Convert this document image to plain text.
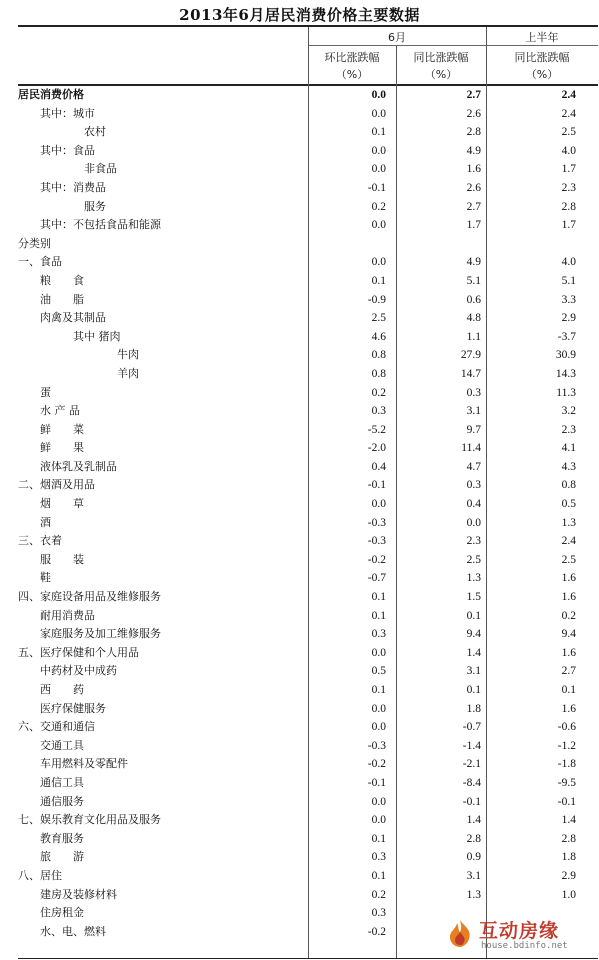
2013年6月居民消费价格主要数据
6月	上半年
环比涨跌幅	同比涨跌幅	同比涨跌幅
（%）	（%）	（%）
居民消费价格	0.0	2.7	2.4
　　其中：城市	0.0	2.6	2.4
　　　　　　农村	0.1	2.8	2.5
　　其中：食品	0.0	4.9	4.0
　　　　　　非食品	0.0	1.6	1.7
　　其中：消费品	-0.1	2.6	2.3
　　　　　　服务	0.2	2.7	2.8
　　其中：不包括食品和能源	0.0	1.7	1.7
分类别
一、食品	0.0	4.9	4.0
　　粮　　食	0.1	5.1	5.1
　　油　　脂	-0.9	0.6	3.3
　　肉禽及其制品	2.5	4.8	2.9
　　　　　其中 猪肉	4.6	1.1	-3.7
　　　　　　　　　牛肉	0.8	27.9	30.9
　　　　　　　　　羊肉	0.8	14.7	14.3
　　蛋	0.2	0.3	11.3
　　水 产 品	0.3	3.1	3.2
　　鲜　　菜	-5.2	9.7	2.3
　　鲜　　果	-2.0	11.4	4.1
　　液体乳及乳制品	0.4	4.7	4.3
二、烟酒及用品	-0.1	0.3	0.8
　　烟　　草	0.0	0.4	0.5
　　酒	-0.3	0.0	1.3
三、衣着	-0.3	2.3	2.4
　　服　　装	-0.2	2.5	2.5
　　鞋	-0.7	1.3	1.6
四、家庭设备用品及维修服务	0.1	1.5	1.6
　　耐用消费品	0.1	0.1	0.2
　　家庭服务及加工维修服务	0.3	9.4	9.4
五、医疗保健和个人用品	0.0	1.4	1.6
　　中药材及中成药	0.5	3.1	2.7
　　西　　药	0.1	0.1	0.1
　　医疗保健服务	0.0	1.8	1.6
六、交通和通信	0.0	-0.7	-0.6
　　交通工具	-0.3	-1.4	-1.2
　　车用燃料及零配件	-0.2	-2.1	-1.8
　　通信工具	-0.1	-8.4	-9.5
　　通信服务	0.0	-0.1	-0.1
七、娱乐教育文化用品及服务	0.0	1.4	1.4
　　教育服务	0.1	2.8	2.8
　　旅　　游	0.3	0.9	1.8
八、居住	0.1	3.1	2.9
　　建房及装修材料	0.2	1.3	1.0
　　住房租金	0.3
　　水、电、燃料	-0.2	互动房缘
house.bdinfo.net
